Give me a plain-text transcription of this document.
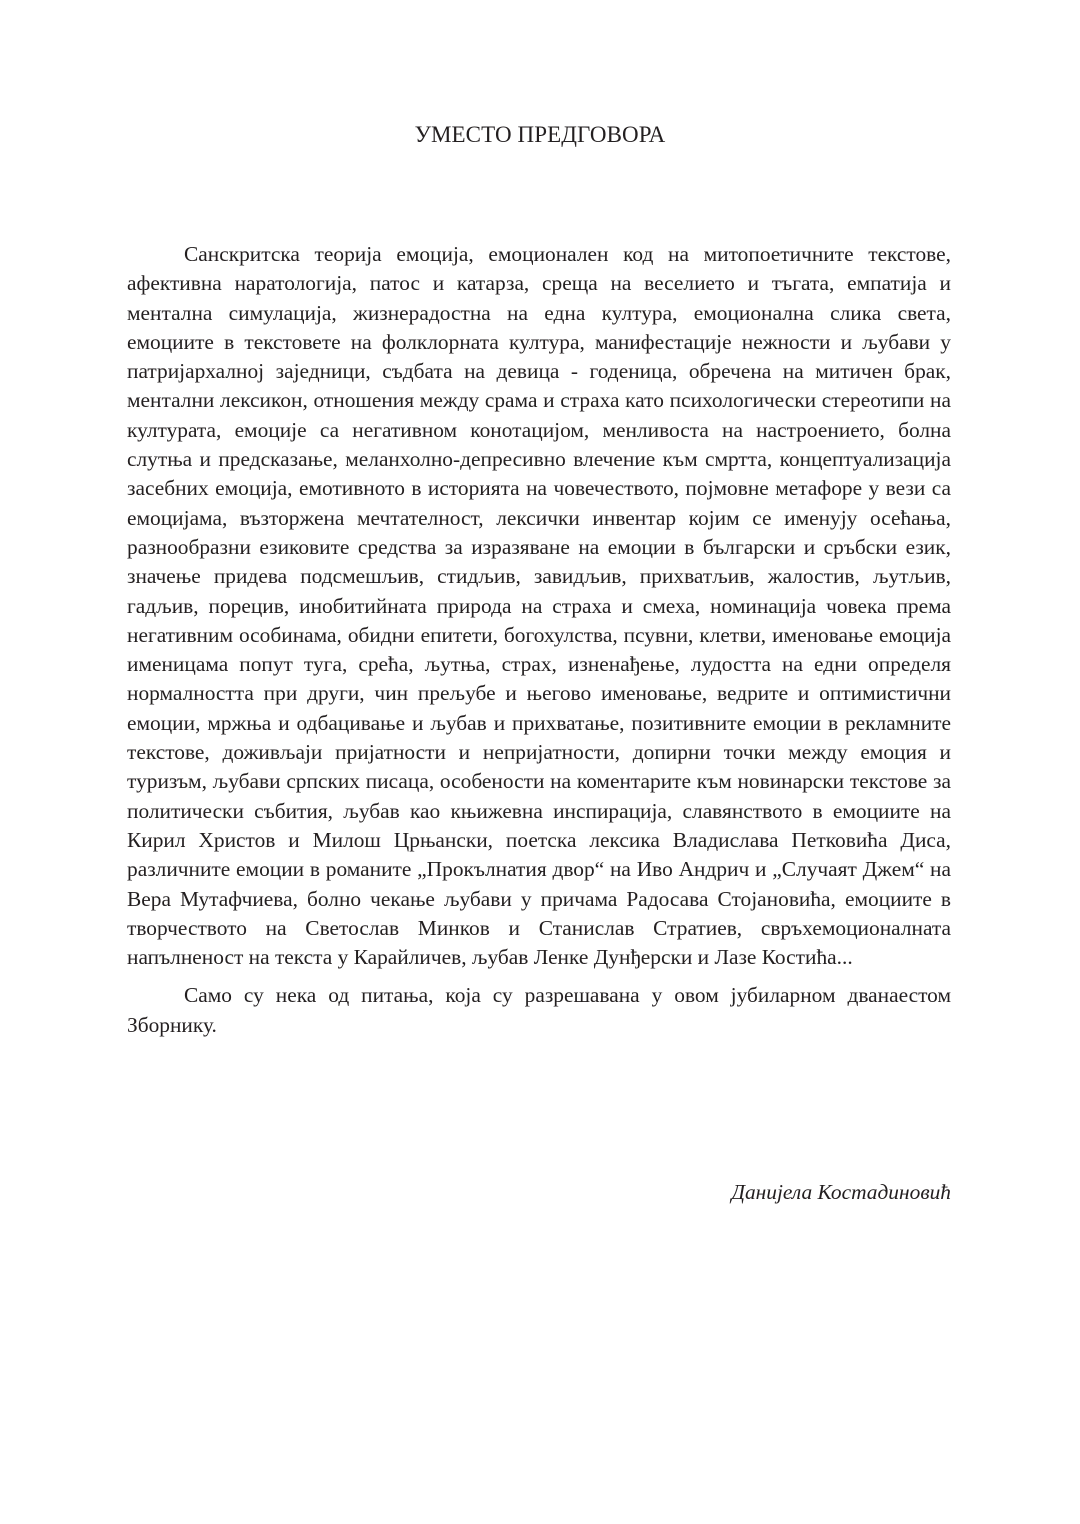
УМЕСТО ПРЕДГОВОРА

Санскритска теорија емоција, емоционален код на митопоетичните текстове, афективна наратологија, патос и катарза, среща на веселието и тъгата, емпатија и ментална симулација, жизнерадостна на една култура, емоционална слика света, емоциите в текстовете на фолклорната култура, манифестације нежности и љубави у патријархалној заједници, съдбата на девица - годеница, обречена на митичен брак, ментални лексикон, отношения между срама и страха като психологически стереотипи на културата, емоције са негативном конотацијом, менливоста на настроението, болна слутња и предсказање, меланхолно-депресивно влечение към смртта, концептуализација засебних емоција, емотивното в историята на човечеството, појмовне метафоре у вези са емоцијама, възторжена мечтателност, лексички инвентар којим се именују осећања, разнообразни езиковите средства за изразяване на емоции в български и сръбски език, значење придева подсмешљив, стидљив, завидљив, прихватљив, жалостив, љутљив, гадљив, порецив, инобитийната природа на страха и смеха, номинација човека према негативним особинама, обидни епитети, богохулства, псувни, клетви, именовање емоција именицама попут туга, срећа, љутња, страх, изненађење, лудостта на едни определя нормалността при други, чин прељубе и његово именовање, ведрите и оптимистични емоции, мржња и одбацивање и љубав и прихватање, позитивните емоции в рекламните текстове, доживљаји пријатности и непријатности, допирни точки между емоция и туризъм, љубави српских писаца, особености на коментарите към новинарски текстове за политически събития, љубав као књижевна инспирација, славянството в емоциите на Кирил Христов и Милош Црњански, поетска лексика Владислава Петковића Диса, различните емоции в романите „Прокълнатия двор“ на Иво Андрич и „Случаят Джем“ на Вера Мутафчиева, болно чекање љубави у причама Радосава Стојановића, емоциите в творчеството на Светослав Минков и Станислав Стратиев, свръхемоционалната напълненост на текста у Карайличев, љубав Ленке Дунђерски и Лазе Костића...

Само су нека од питања, која су разрешавана у овом јубиларном дванаестом Зборнику.

Данијела Костадиновић
